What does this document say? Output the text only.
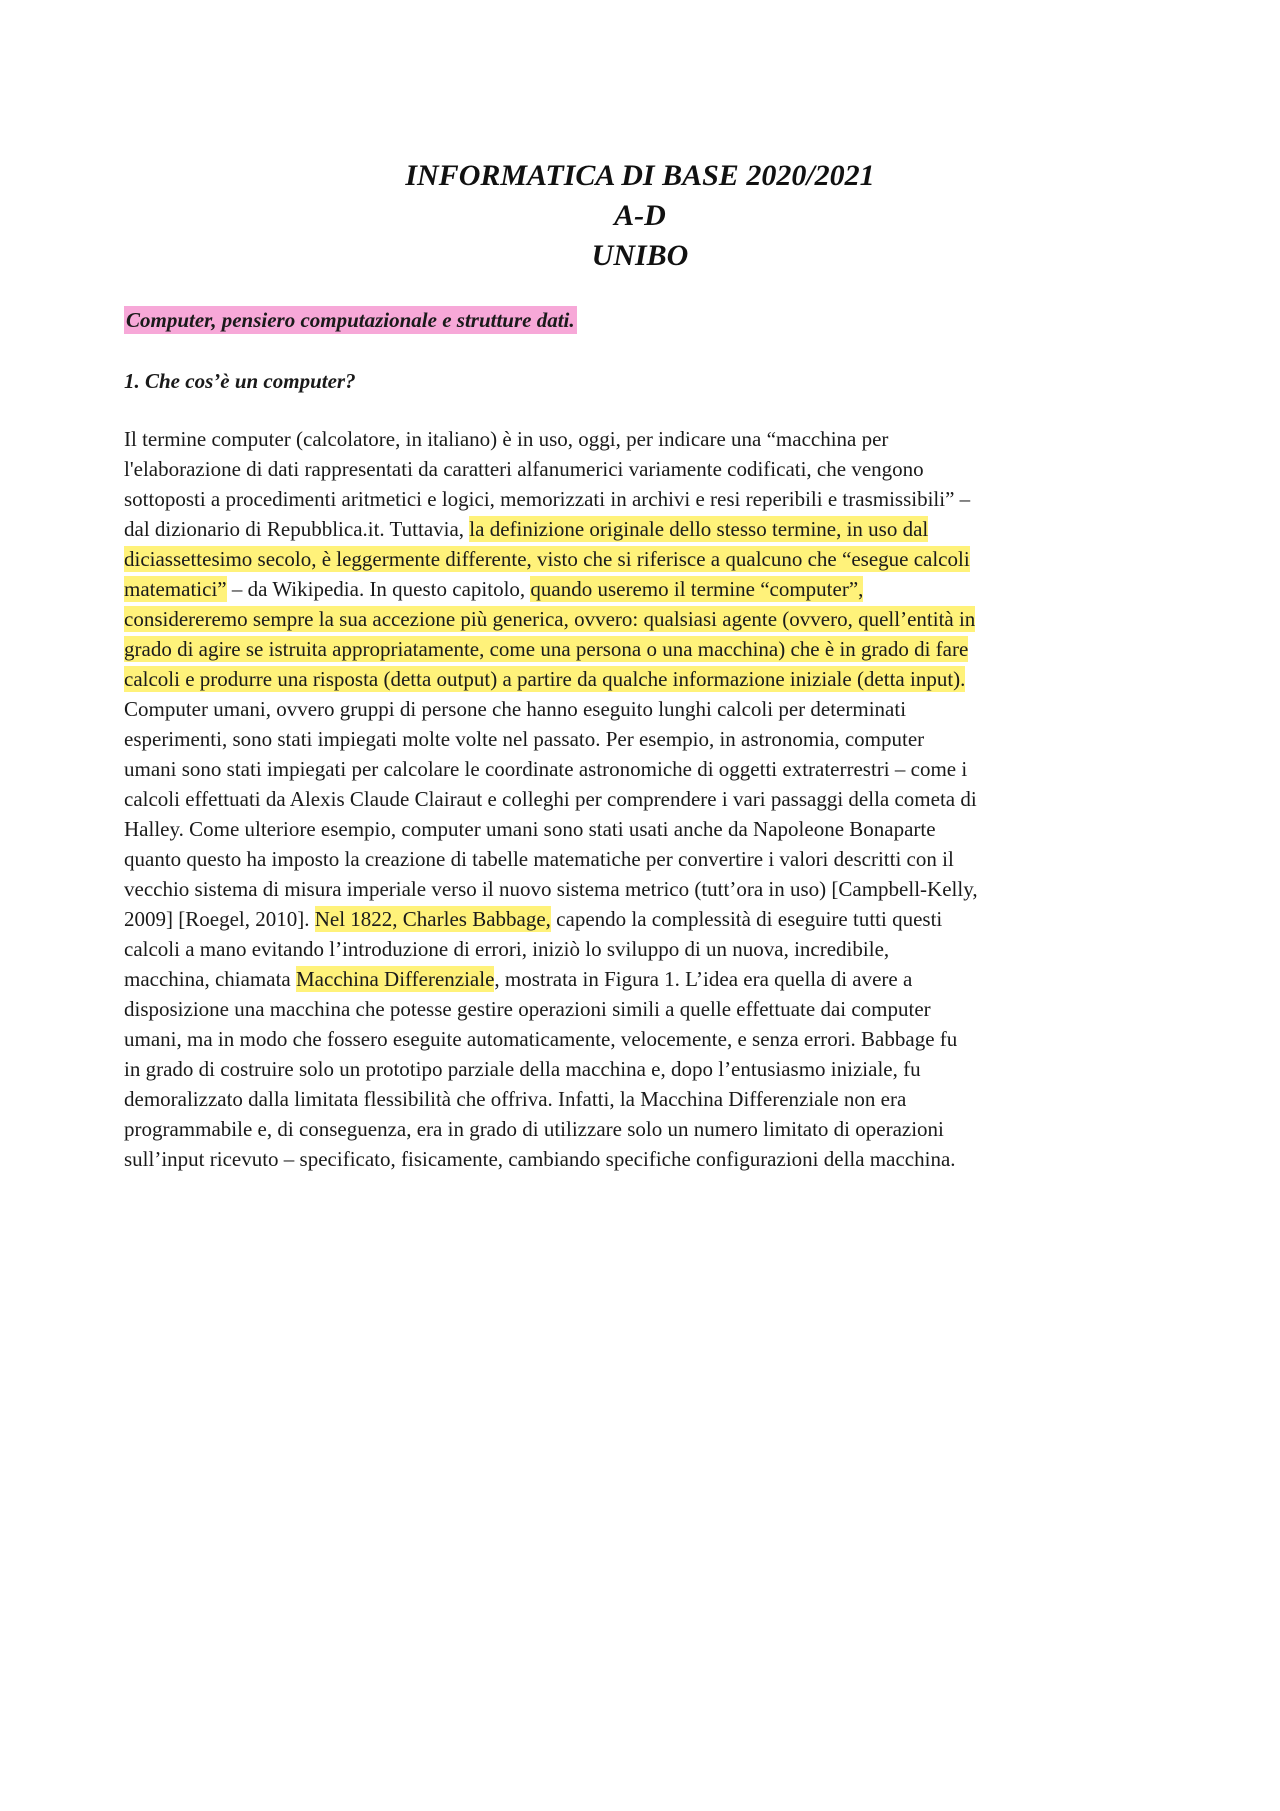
INFORMATICA DI BASE 2020/2021
A-D
UNIBO
Computer, pensiero computazionale e strutture dati.
1. Che cos’è un computer?
Il termine computer (calcolatore, in italiano) è in uso, oggi, per indicare una “macchina per
l'elaborazione di dati rappresentati da caratteri alfanumerici variamente codificati, che vengono
sottoposti a procedimenti aritmetici e logici, memorizzati in archivi e resi reperibili e trasmissibili” –
dal dizionario di Repubblica.it. Tuttavia, la definizione originale dello stesso termine, in uso dal
diciassettesimo secolo, è leggermente differente, visto che si riferisce a qualcuno che “esegue calcoli
matematici” – da Wikipedia. In questo capitolo, quando useremo il termine “computer”,
considereremo sempre la sua accezione più generica, ovvero: qualsiasi agente (ovvero, quell’entità in
grado di agire se istruita appropriatamente, come una persona o una macchina) che è in grado di fare
calcoli e produrre una risposta (detta output) a partire da qualche informazione iniziale (detta input).
Computer umani, ovvero gruppi di persone che hanno eseguito lunghi calcoli per determinati
esperimenti, sono stati impiegati molte volte nel passato. Per esempio, in astronomia, computer
umani sono stati impiegati per calcolare le coordinate astronomiche di oggetti extraterrestri – come i
calcoli effettuati da Alexis Claude Clairaut e colleghi per comprendere i vari passaggi della cometa di
Halley. Come ulteriore esempio, computer umani sono stati usati anche da Napoleone Bonaparte
quanto questo ha imposto la creazione di tabelle matematiche per convertire i valori descritti con il
vecchio sistema di misura imperiale verso il nuovo sistema metrico (tutt’ora in uso) [Campbell-Kelly,
2009] [Roegel, 2010]. Nel 1822, Charles Babbage, capendo la complessità di eseguire tutti questi
calcoli a mano evitando l’introduzione di errori, iniziò lo sviluppo di un nuova, incredibile,
macchina, chiamata Macchina Differenziale, mostrata in Figura 1. L’idea era quella di avere a
disposizione una macchina che potesse gestire operazioni simili a quelle effettuate dai computer
umani, ma in modo che fossero eseguite automaticamente, velocemente, e senza errori. Babbage fu
in grado di costruire solo un prototipo parziale della macchina e, dopo l’entusiasmo iniziale, fu
demoralizzato dalla limitata flessibilità che offriva. Infatti, la Macchina Differenziale non era
programmabile e, di conseguenza, era in grado di utilizzare solo un numero limitato di operazioni
sull’input ricevuto – specificato, fisicamente, cambiando specifiche configurazioni della macchina.
